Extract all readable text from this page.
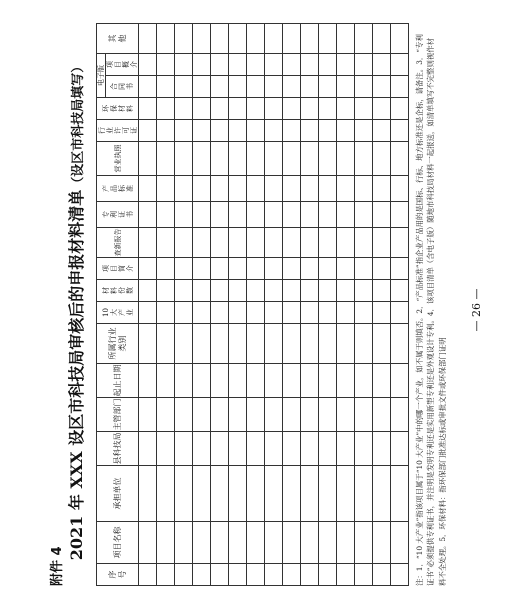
附件 4
2021 年 XXX 设区市科技局审核后的申报材料清单（设区市科技局填写）
序号	项目名称	承担单位	县科技局	主管部门	起止日期	所属行业类别	10大产业	材料份数	项目简介	查新报告	专利证书	产品标准	营业执照	行业许可证	环保材料	电子版		其他
																合同书	项目概介	

																			注：1．“10 大产业”指该项目属于“10 大产业”中的哪一个产业，如不属于则填否。2．“产品标准”指企业产品用的是国标、行标、地方标准还是企标，请备注。3．“专利证书”必须提供专利证书，并注明是发明专利还是实用新型专利还是外观设计专利。4．该项目清单（含电子版）随地市科技局材料一起报送，如清单填写不完整则视作材料不全处理。5．环保材料：指环保部门批准达标或审批文件或环保部门证明
— 26 —
